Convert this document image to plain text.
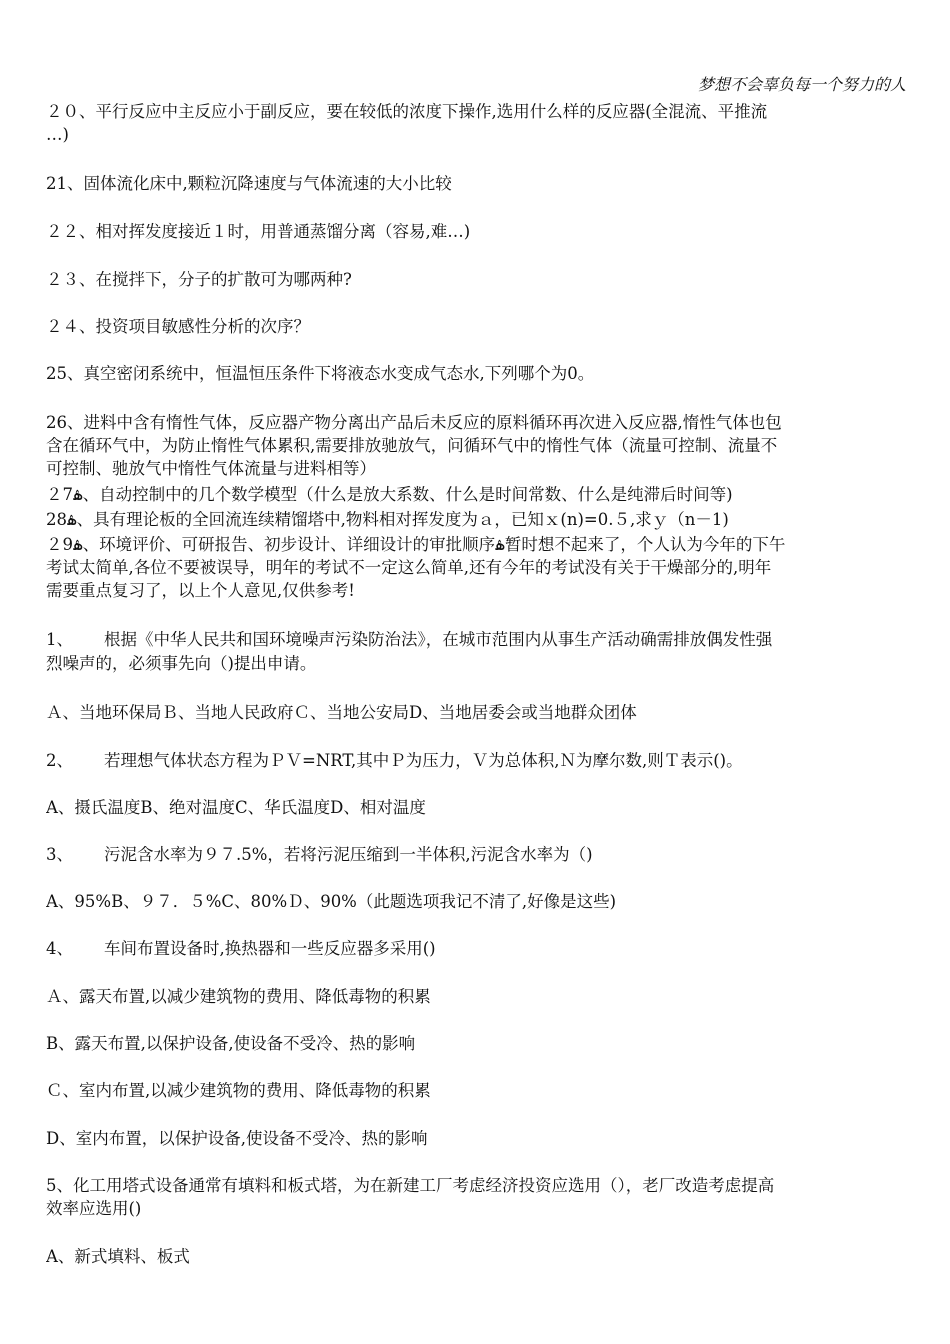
梦想不会辜负每一个努力的人
２０、平行反应中主反应小于副反应，要在较低的浓度下操作,选用什么样的反应器(全混流、平推流
…)
21、固体流化床中,颗粒沉降速度与气体流速的大小比较
２２、相对挥发度接近１时，用普通蒸馏分离（容易,难…)
２３、在搅拌下，分子的扩散可为哪两种?
２４、投资项目敏感性分析的次序？
25、真空密闭系统中，恒温恒压条件下将液态水变成气态水,下列哪个为0。
26、进料中含有惰性气体，反应器产物分离出产品后未反应的原料循环再次进入反应器,惰性气体也包
含在循环气中，为防止惰性气体累积,需要排放驰放气，问循环气中的惰性气体（流量可控制、流量不
可控制、驰放气中惰性气体流量与进料相等）
２7ۿ、自动控制中的几个数学模型（什么是放大系数、什么是时间常数、什么是纯滞后时间等)
28ۿ、具有理论板的全回流连续精馏塔中,物料相对挥发度为ａ，已知ｘ(n)=0.５,求ｙ（n－1)
２9ۿ、环境评价、可研报告、初步设计、详细设计的审批顺序ۿ暂时想不起来了，个人认为今年的下午
考试太简单,各位不要被误导，明年的考试不一定这么简单,还有今年的考试没有关于干燥部分的,明年
需要重点复习了，以上个人意见,仅供参考!
1、 根据《中华人民共和国环境噪声污染防治法》，在城市范围内从事生产活动确需排放偶发性强
烈噪声的，必须事先向（)提出申请。
Ａ、当地环保局Ｂ、当地人民政府Ｃ、当地公安局D、当地居委会或当地群众团体
2、 若理想气体状态方程为ＰＶ=NRT,其中Ｐ为压力，Ｖ为总体积,Ｎ为摩尔数,则Ｔ表示()。
A、摄氏温度B、绝对温度C、华氏温度D、相对温度
3、 污泥含水率为９７.5%，若将污泥压缩到一半体积,污泥含水率为（)
A、95%B、９７．５%C、80%Ｄ、90%（此题选项我记不清了,好像是这些)
4、 车间布置设备时,换热器和一些反应器多采用()
Ａ、露天布置,以减少建筑物的费用、降低毒物的积累
B、露天布置,以保护设备,使设备不受冷、热的影响
Ｃ、室内布置,以减少建筑物的费用、降低毒物的积累
D、室内布置，以保护设备,使设备不受冷、热的影响
5、化工用塔式设备通常有填料和板式塔，为在新建工厂考虑经济投资应选用（），老厂改造考虑提高
效率应选用()
A、新式填料、板式
